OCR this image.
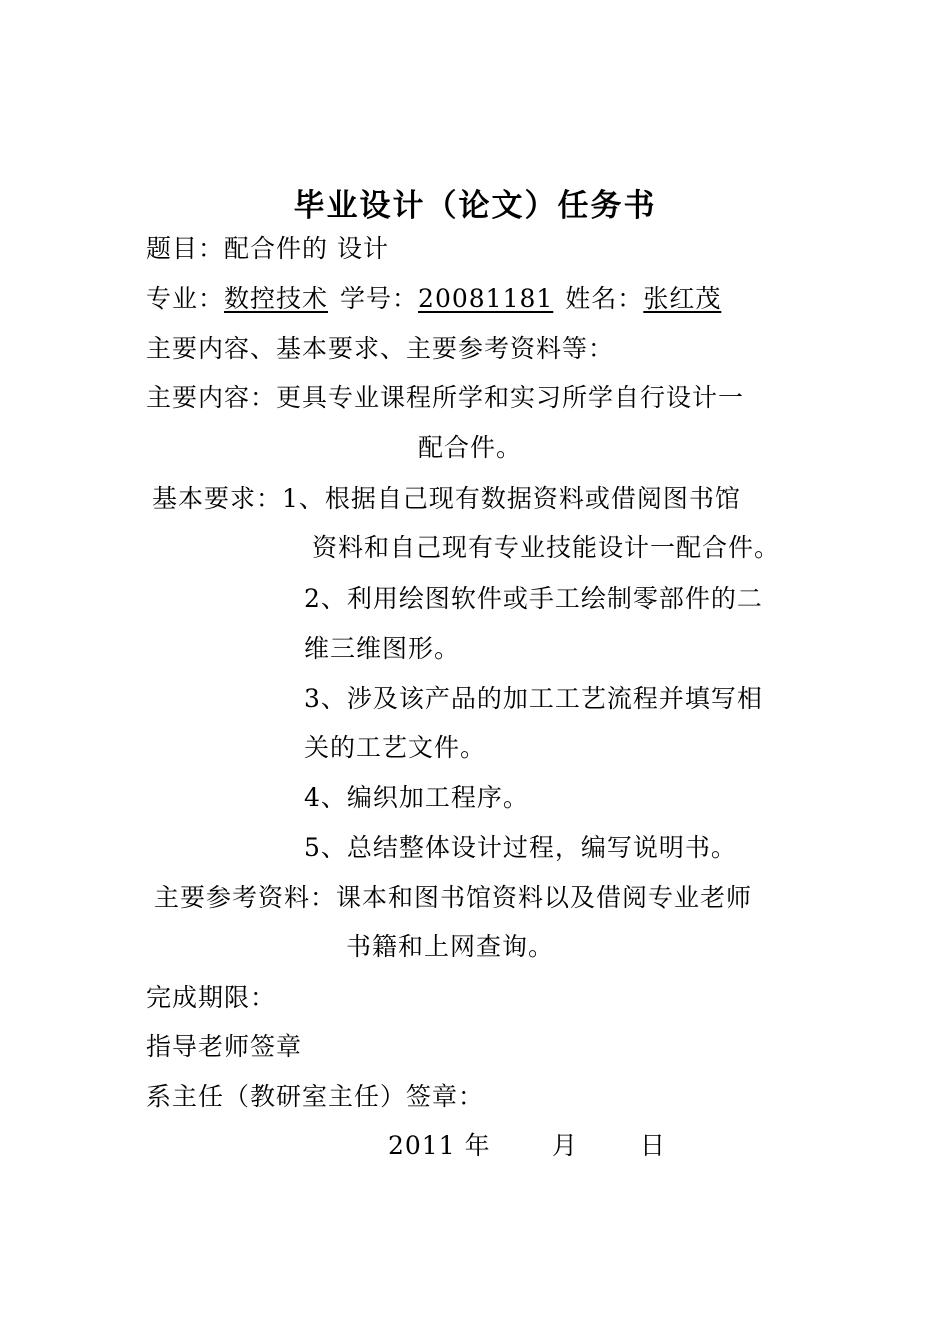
毕业设计（论文）任务书
题目：配合件的 设计
专业：数控技术 学号：20081181 姓名：张红茂
主要内容、基本要求、主要参考资料等：
主要内容：更具专业课程所学和实习所学自行设计一
配合件。
基本要求：1、根据自己现有数据资料或借阅图书馆
资料和自己现有专业技能设计一配合件。
2、利用绘图软件或手工绘制零部件的二
维三维图形。
3、涉及该产品的加工工艺流程并填写相
关的工艺文件。
4、编织加工程序。
5、总结整体设计过程，编写说明书。
主要参考资料：课本和图书馆资料以及借阅专业老师
书籍和上网查询。
完成期限：
指导老师签章
系主任（教研室主任）签章：
2011 年 月 日
